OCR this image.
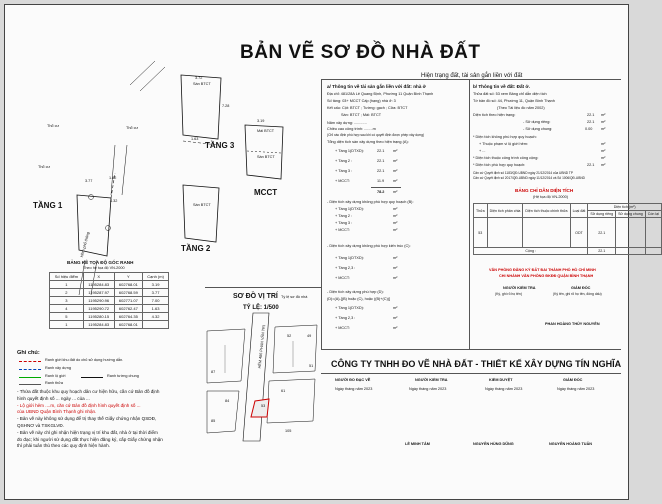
BẢN VẼ SƠ ĐỒ NHÀ ĐẤT
Hiện trạng đất, tài sản gắn liền với đất
TẦNG 1
TẦNG 2
TẦNG 3
MCCT
Thổ cư
Thổ cư
Thổ cư
Sàn BTCT
Sàn BTCT
Mái BTCT
Sàn BTCT
3.77
1.82
4.32
3.72
7.28
1.63
3.19
Hẻm phổ thông
BẢNG KÊ TỌA ĐỘ GÓC RANH
Theo hệ tọa độ VN-2000
Số hiệu điểm	X	Y	Cạnh (m)
1	1195284.83	602768.01	3.19
2	1195287.97	602768.59	3.77
3	1195290.96	602771.07	7.00
4	1195290.72	602762.47	1.63
5	1195280.15	602764.35	4.32
1	1195284.83	602768.01	
Ghi chú:
Ranh giới khu đất do chủ sử dụng hướng dẫn.
Ranh xây dựng
Ranh lộ giới	Ranh tường chung
Ranh thửa
- Thửa đất thuộc khu quy hoạch dân cư hiện hữu, cần cứ Bản đồ định
hình quyết định số ... ngày ... của ...
- Lộ giới hẻm ....m, căn cứ Bản đồ định hình quyết định số ...
của UBND Quận Bình Thạnh ghi nhận.
- Bản vẽ này không sử dụng để trị thay thế Giấy chứng nhận QSDĐ,
QSHNƠ và TSKGLVĐ.
- Bản vẽ này chỉ ghi nhận hiện trạng vị trí khu đất, nhà ở tại thời điểm
đo đạc; khi người sử dụng đất thực hiện đăng ký, cấp Giấy chứng nhận
thì phải tuân thủ theo các quy định hiện hành.
SƠ ĐỒ VỊ TRÍ Tỷ lệ sơ đồ nhà
TỶ LỆ: 1/500
HẺM 486 PHAN VĂN TRỊ	52	49
53
51
61
85
84
87
105
a/ Thông tin về tài sản gắn liền với đất: nhà ở
Địa chỉ: 481/28A Lê Quang Định, Phường 11 Quận Bình Thạnh
Số tầng: 03+ MCCT Cấp (hạng) nhà ở: 3
Kết cấu: Cột: BTCT ; Tường: gạch ; Cửa: BTCT
Sàn: BTCT ; Mái: BTCT
Năm xây dựng: ............
Chiều cao công trình: ........m
(Chỉ xác định phù hợp sau khi có quyết định được phép xây dựng)
Tổng diện tích sàn xây dựng theo hiện trạng (A):
+ Tầng 1(DTXD):	22.1 m²
+ Tầng 2 :	22.1 m²
+ Tầng 3 :	22.1 m²
+ MCCT:	11.9 m²
78.2 m²
- Diện tích xây dựng không phù hợp quy hoạch (B):
+ Tầng 1(DTXD):	m²
+ Tầng 2 :	m²
+ Tầng 3 :	m²
+ MCCT:	m²
- Diện tích xây dựng không phù hợp kiến trúc (C):
+ Tầng 1(DTXD):	m²
+ Tầng 2,3 :	m²
+ MCCT:	m²
- Diện tích xây dựng phù hợp (D):
(D)=(A)-[(B) hoặc (C), hoặc ((B)+(C))]
+ Tầng 1(DTXD):	m²
+ Tầng 2,3 :	m²
+ MCCT:	m²
b/ Thông tin về đất: Đất ở.
Thửa đất số: 53 xem Bảng chỉ dẫn diện tích
Tờ bản đồ số: 44, Phường 11, Quận Bình Thạnh
(Theo Tài liệu đo năm 2002)
Diện tích theo hiện trạng:	22.1 m²
- Sử dụng riêng:	22.1 m²
- Sử dụng chung:	0.00 m²
* Diện tích không phù hợp quy hoạch:
+ Thuộc phạm vi lộ giới hẻm:	m²
+ ...	m²
* Diện tích thuộc công trình công cộng:	m²
* Diện tích phù hợp quy hoạch:	22.1 m²
Căn cứ Quyết định số 1183/QĐ-UBND ngày 21/12/2014 của UBND TP
Căn cứ Quyết định số 2017/QĐ-UBND ngày 11/12/2014 và Số 1006/QĐ-UBND
BẢNG CHỈ DẪN DIỆN TÍCH
(Hệ tọa độ VN-2000)
Thửa	Diện tích phân chia	Diện tích thuộc chính thửa	Loại đất	Diện tích (m²)		
				Sử dụng riêng	Sử dụng chung	Còn lại
53			ODT	22.1		
Cộng :				22.1		
VĂN PHÒNG ĐĂNG KÝ ĐẤT ĐAI THÀNH PHỐ HỒ CHÍ MINH
CHI NHÁNH VĂN PHÒNG ĐKĐĐ QUẬN BÌNH THẠNH
NGƯỜI KIỂM TRA
(Ký, ghi rõ họ tên)
GIÁM ĐỐC
(Ký tên, ghi rõ họ tên, đóng dấu)
PHAN HOÀNG THỦY NGUYÊN
CÔNG TY TNHH ĐO VẼ NHÀ ĐẤT - THIẾT KẾ XÂY DỰNG TÍN NGHĨA
NGƯỜI ĐO ĐẠC VẼ	NGƯỜI KIỂM TRA	KIỂM DUYỆT	GIÁM ĐỐC
Ngày tháng năm 2023	Ngày tháng năm 2023	Ngày tháng năm 2023	Ngày tháng năm 2023
LÊ MINH TÂM	NGUYỄN HÙNG DŨNG	NGUYỄN HOÀNG TUẤN
